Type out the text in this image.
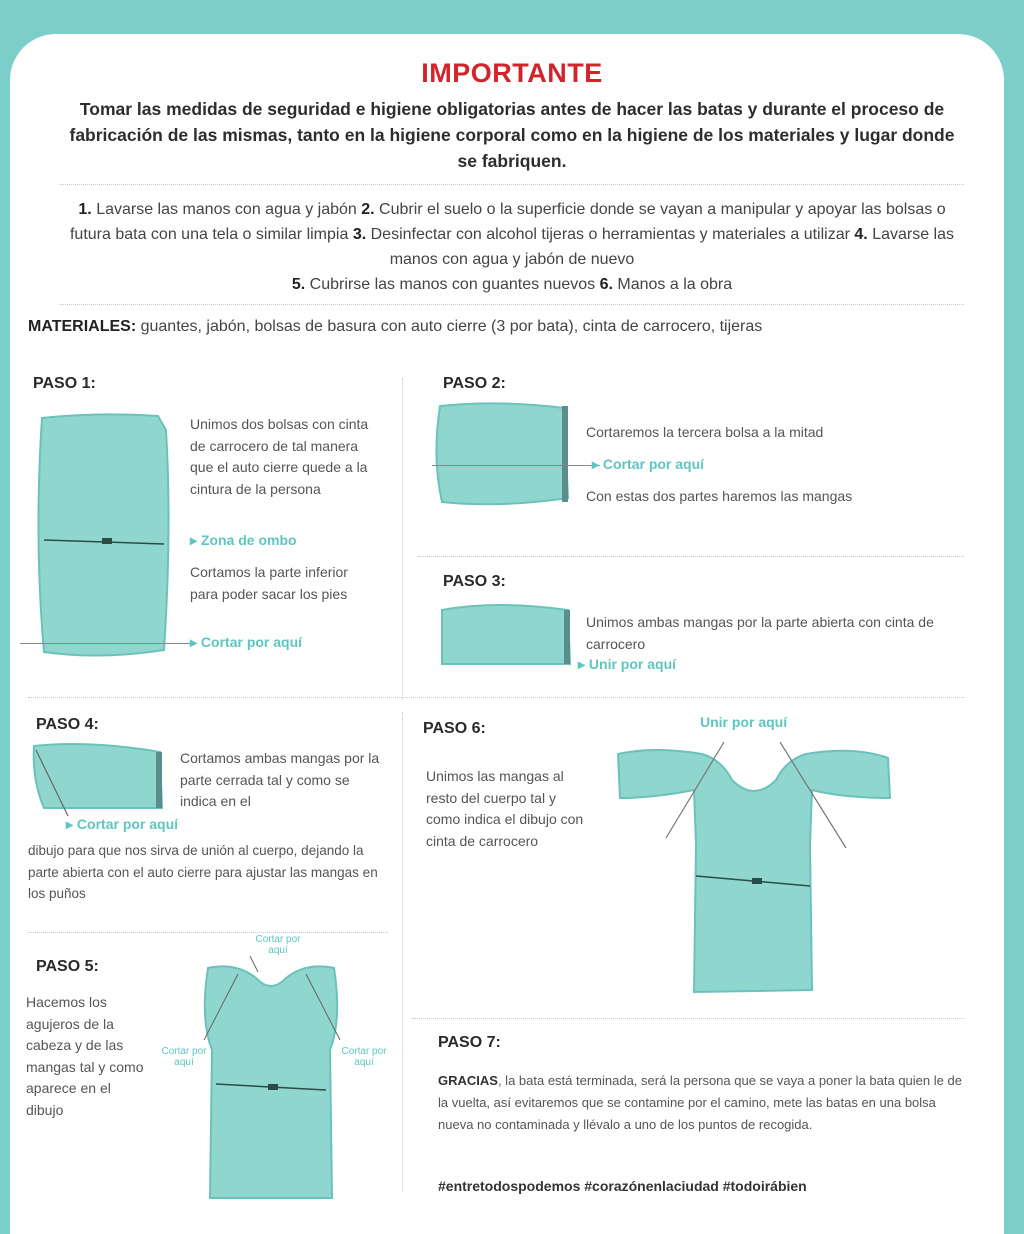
IMPORTANTE
Tomar las medidas de seguridad e higiene obligatorias antes de hacer las batas y durante el proceso de fabricación de las mismas, tanto en la higiene corporal como en la higiene de los materiales y lugar donde se fabriquen.
1. Lavarse las manos con agua y jabón 2. Cubrir el suelo o la superficie donde se vayan a manipular y apoyar las bolsas o futura bata con una tela o similar limpia 3. Desinfectar con alcohol tijeras o herramientas y materiales a utilizar 4. Lavarse las manos con agua y jabón de nuevo
5. Cubrirse las manos con guantes nuevos 6. Manos a la obra
MATERIALES: guantes, jabón, bolsas de basura con auto cierre (3 por bata), cinta de carrocero, tijeras
PASO 1:
Unimos dos bolsas con cinta de carrocero de tal manera que el auto cierre quede a la cintura de la persona
▸ Zona de ombo
Cortamos la parte inferior para poder sacar los pies
▸ Cortar por aquí
PASO 2:
Cortaremos la tercera bolsa a la mitad
▸ Cortar por aquí
Con estas dos partes haremos las mangas
PASO 3:
Unimos ambas mangas por la parte abierta con cinta de carrocero
▸ Unir por aquí
PASO 4:
Cortamos ambas mangas por la parte cerrada tal y como se indica en el
▸ Cortar por aquí
dibujo para que nos sirva de unión al cuerpo, dejando la parte abierta con el auto cierre para ajustar las mangas en los puños
PASO 5:
Hacemos los agujeros de la cabeza y de las mangas tal y como aparece en el dibujo
Cortar por aquí
Cortar por aquí
Cortar por aquí
PASO 6:
Unimos las mangas al resto del cuerpo tal y como indica el dibujo con cinta de carrocero
Unir por aquí
PASO 7:
GRACIAS, la bata está terminada, será la persona que se vaya a poner la bata quien le de la vuelta, así evitaremos que se contamine por el camino, mete las batas en una bolsa nueva no contaminada y llévalo a uno de los puntos de recogida.
#entretodospodemos #corazónenlaciudad #todoirábien
